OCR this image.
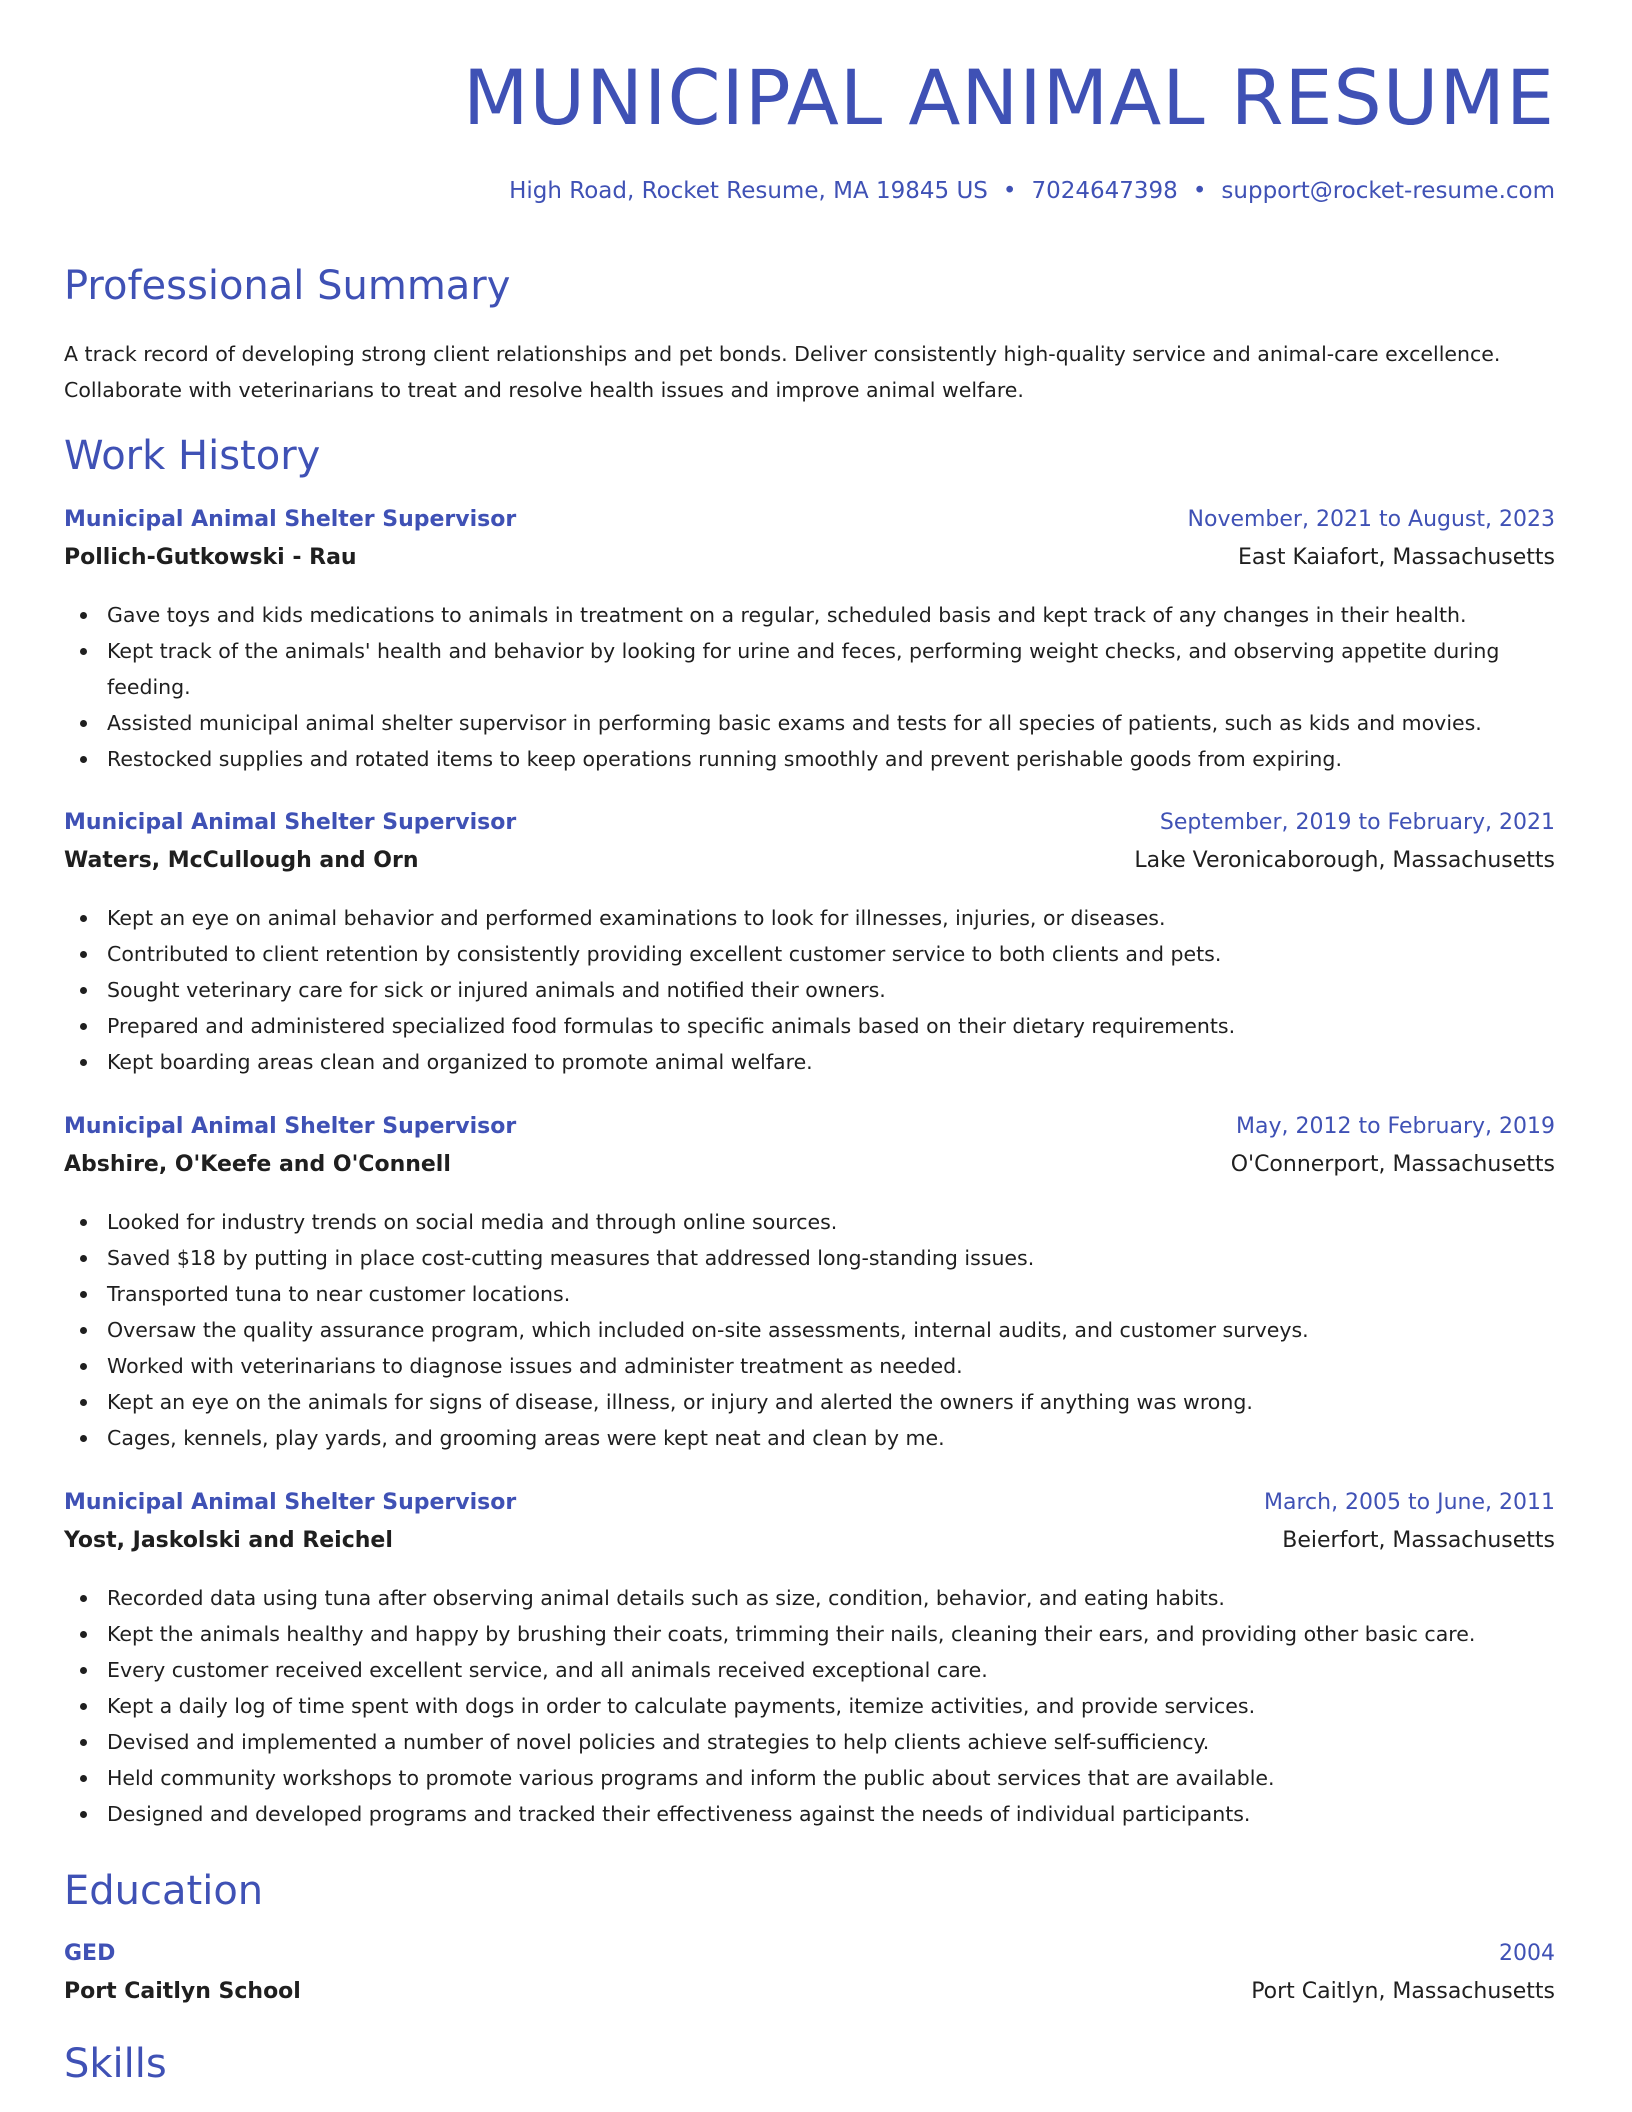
MUNICIPAL ANIMAL RESUME
High Road, Rocket Resume, MA 19845 US • 7024647398 • support@rocket-resume.com
Professional Summary
A track record of developing strong client relationships and pet bonds. Deliver consistently high-quality service and animal-care excellence. Collaborate with veterinarians to treat and resolve health issues and improve animal welfare.
Work History
Municipal Animal Shelter Supervisor	November, 2021 to August, 2023
Pollich-Gutkowski - Rau	East Kaiafort, Massachusetts
Gave toys and kids medications to animals in treatment on a regular, scheduled basis and kept track of any changes in their health.
Kept track of the animals' health and behavior by looking for urine and feces, performing weight checks, and observing appetite during feeding.
Assisted municipal animal shelter supervisor in performing basic exams and tests for all species of patients, such as kids and movies.
Restocked supplies and rotated items to keep operations running smoothly and prevent perishable goods from expiring.
Municipal Animal Shelter Supervisor	September, 2019 to February, 2021
Waters, McCullough and Orn	Lake Veronicaborough, Massachusetts
Kept an eye on animal behavior and performed examinations to look for illnesses, injuries, or diseases.
Contributed to client retention by consistently providing excellent customer service to both clients and pets.
Sought veterinary care for sick or injured animals and notified their owners.
Prepared and administered specialized food formulas to specific animals based on their dietary requirements.
Kept boarding areas clean and organized to promote animal welfare.
Municipal Animal Shelter Supervisor	May, 2012 to February, 2019
Abshire, O'Keefe and O'Connell	O'Connerport, Massachusetts
Looked for industry trends on social media and through online sources.
Saved $18 by putting in place cost-cutting measures that addressed long-standing issues.
Transported tuna to near customer locations.
Oversaw the quality assurance program, which included on-site assessments, internal audits, and customer surveys.
Worked with veterinarians to diagnose issues and administer treatment as needed.
Kept an eye on the animals for signs of disease, illness, or injury and alerted the owners if anything was wrong.
Cages, kennels, play yards, and grooming areas were kept neat and clean by me.
Municipal Animal Shelter Supervisor	March, 2005 to June, 2011
Yost, Jaskolski and Reichel	Beierfort, Massachusetts
Recorded data using tuna after observing animal details such as size, condition, behavior, and eating habits.
Kept the animals healthy and happy by brushing their coats, trimming their nails, cleaning their ears, and providing other basic care.
Every customer received excellent service, and all animals received exceptional care.
Kept a daily log of time spent with dogs in order to calculate payments, itemize activities, and provide services.
Devised and implemented a number of novel policies and strategies to help clients achieve self-sufficiency.
Held community workshops to promote various programs and inform the public about services that are available.
Designed and developed programs and tracked their effectiveness against the needs of individual participants.
Education
GED	2004
Port Caitlyn School	Port Caitlyn, Massachusetts
Skills
